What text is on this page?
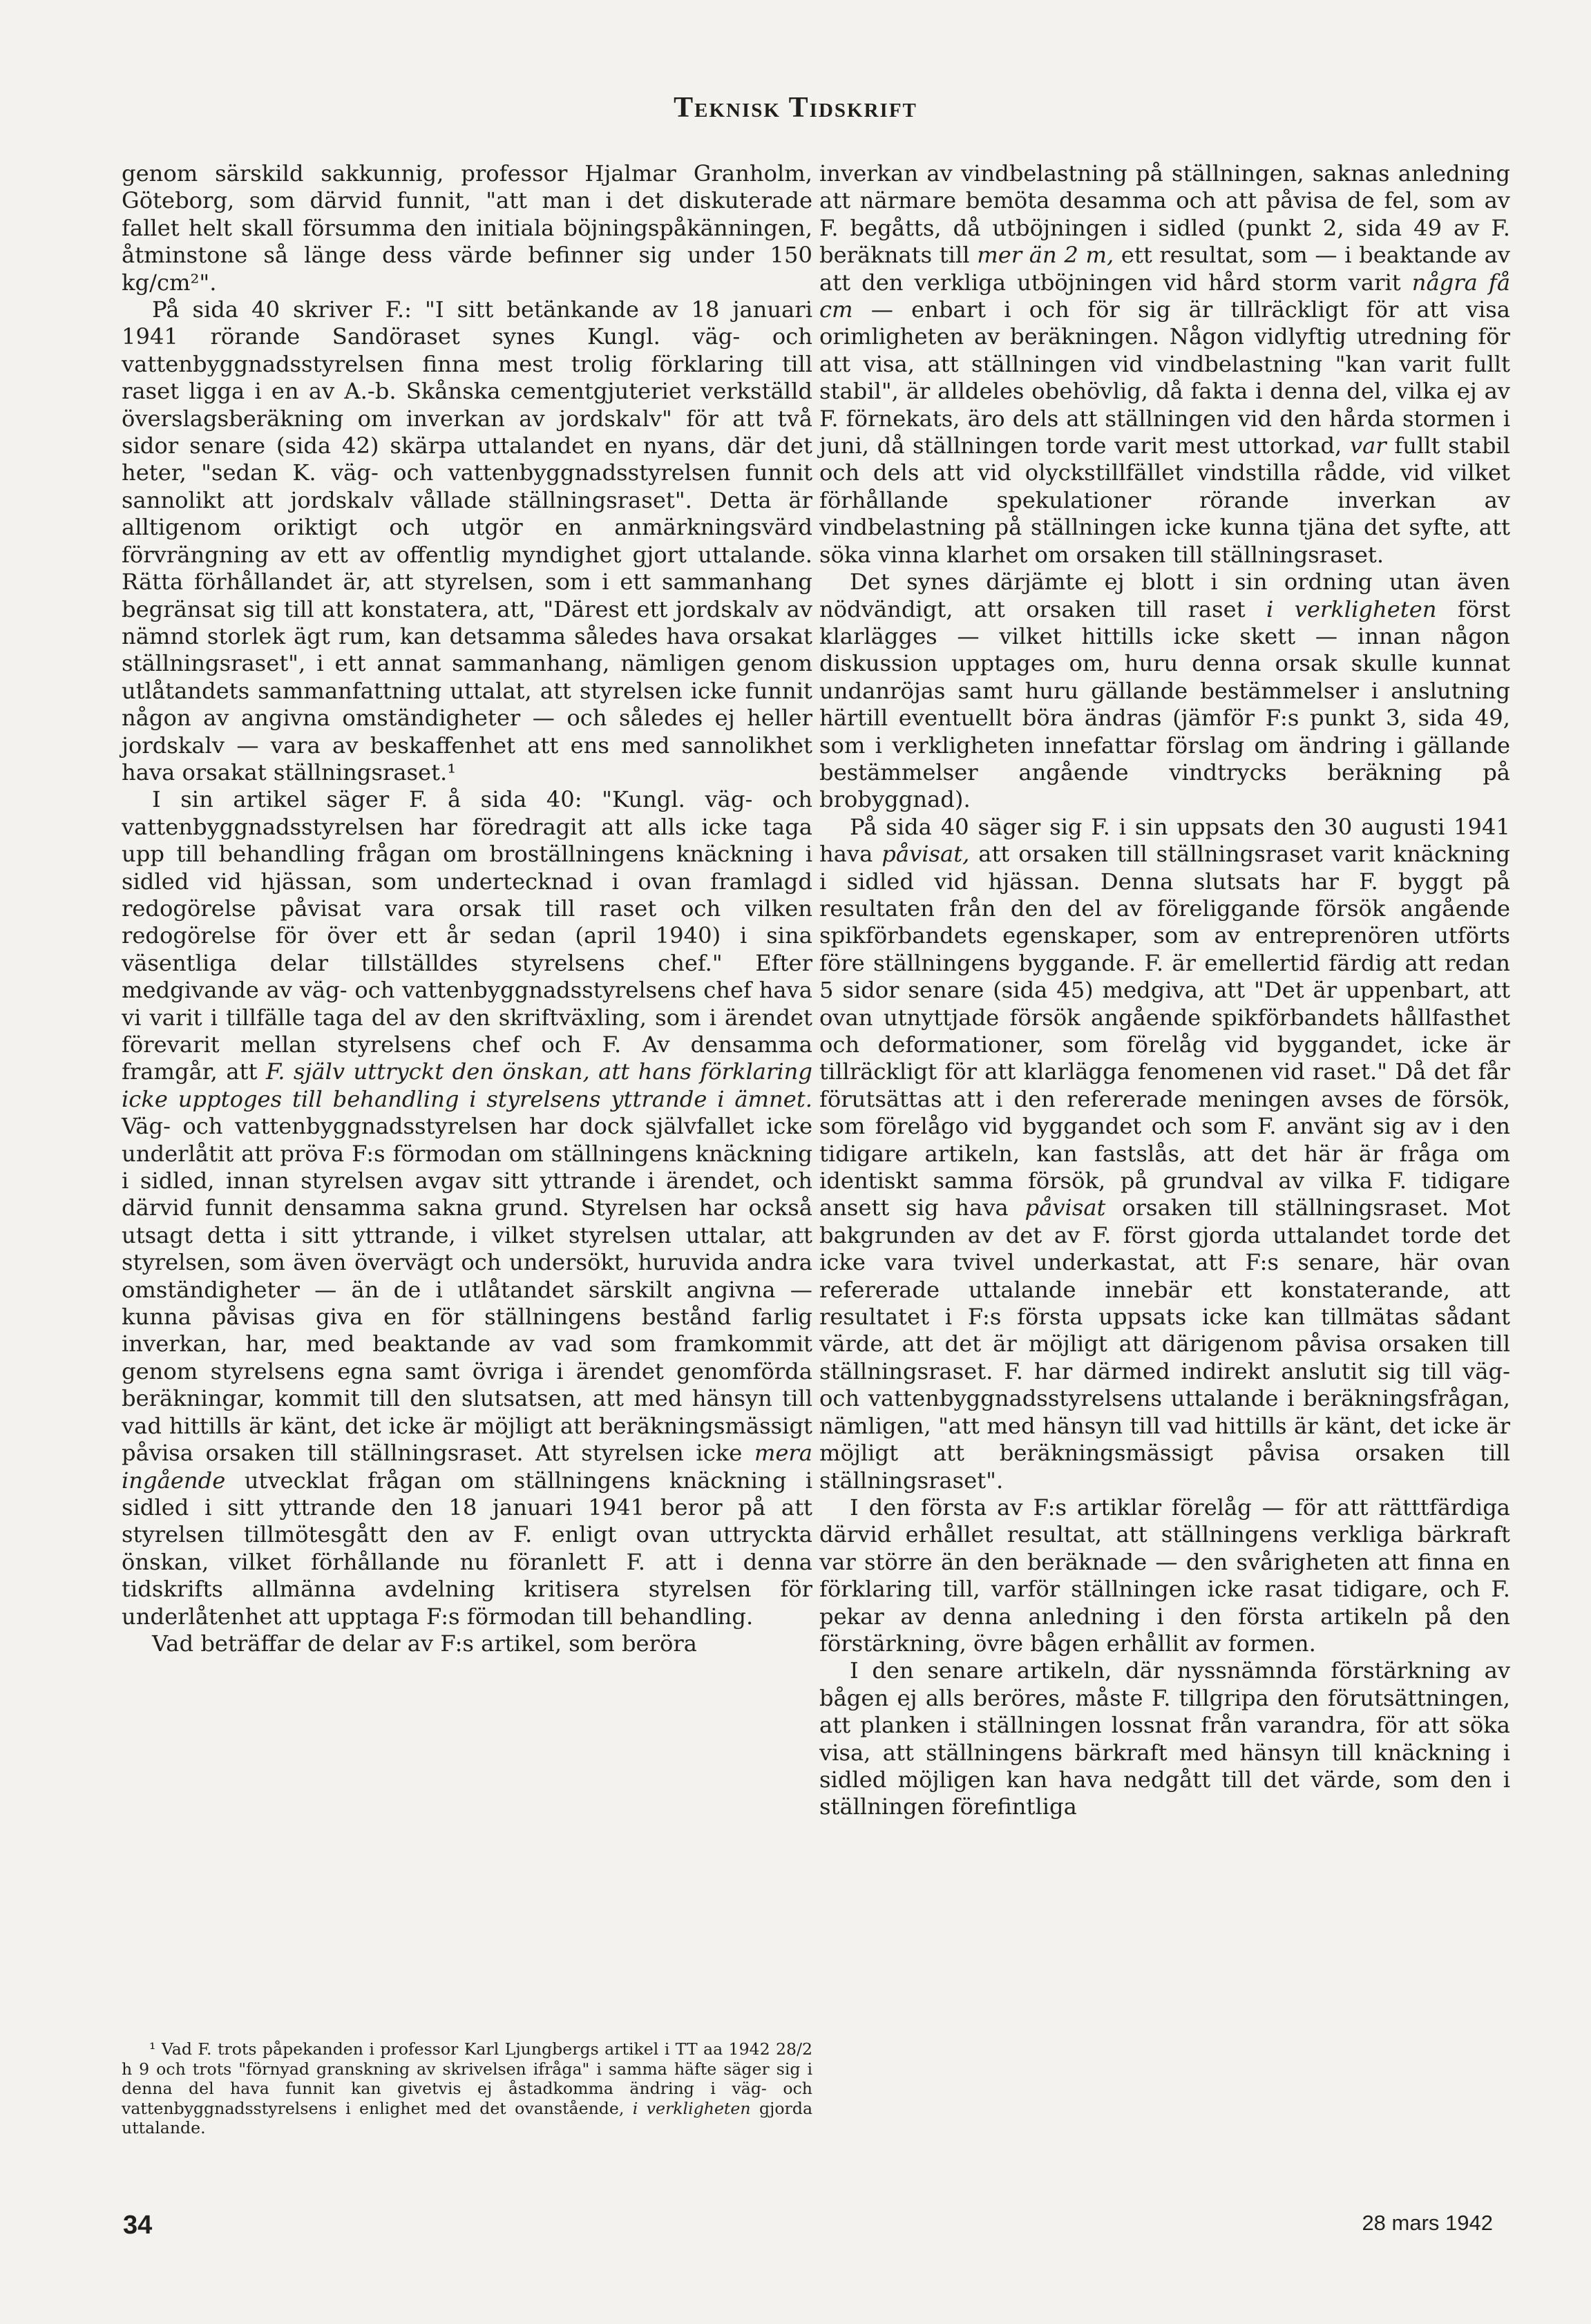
Teknisk Tidskrift

genom särskild sakkunnig, professor Hjalmar Granholm, Göteborg, som därvid funnit, "att man i det diskuterade fallet helt skall försumma den initiala böjningspåkänningen, åtminstone så länge dess värde befinner sig under 150 kg/cm²".

På sida 40 skriver F.: "I sitt betänkande av 18 januari 1941 rörande Sandöraset synes Kungl. väg- och vattenbyggnadsstyrelsen finna mest trolig förklaring till raset ligga i en av A.-b. Skånska cementgjuteriet verkställd överslagsberäkning om inverkan av jordskalv" för att två sidor senare (sida 42) skärpa uttalandet en nyans, där det heter, "sedan K. väg- och vattenbyggnadsstyrelsen funnit sannolikt att jordskalv vållade ställningsraset". Detta är alltigenom oriktigt och utgör en anmärkningsvärd förvrängning av ett av offentlig myndighet gjort uttalande. Rätta förhållandet är, att styrelsen, som i ett sammanhang begränsat sig till att konstatera, att, "Därest ett jordskalv av nämnd storlek ägt rum, kan detsamma således hava orsakat ställningsraset", i ett annat sammanhang, nämligen genom utlåtandets sammanfattning uttalat, att styrelsen icke funnit någon av angivna omständigheter — och således ej heller jordskalv — vara av beskaffenhet att ens med sannolikhet hava orsakat ställningsraset.¹

I sin artikel säger F. å sida 40: "Kungl. väg- och vattenbyggnadsstyrelsen har föredragit att alls icke taga upp till behandling frågan om broställningens knäckning i sidled vid hjässan, som undertecknad i ovan framlagd redogörelse påvisat vara orsak till raset och vilken redogörelse för över ett år sedan (april 1940) i sina väsentliga delar tillställdes styrelsens chef." Efter medgivande av väg- och vattenbyggnadsstyrelsens chef hava vi varit i tillfälle taga del av den skriftväxling, som i ärendet förevarit mellan styrelsens chef och F. Av densamma framgår, att F. själv uttryckt den önskan, att hans förklaring icke upptoges till behandling i styrelsens yttrande i ämnet. Väg- och vattenbyggnadsstyrelsen har dock självfallet icke underlåtit att pröva F:s förmodan om ställningens knäckning i sidled, innan styrelsen avgav sitt yttrande i ärendet, och därvid funnit densamma sakna grund. Styrelsen har också utsagt detta i sitt yttrande, i vilket styrelsen uttalar, att styrelsen, som även övervägt och undersökt, huruvida andra omständigheter — än de i utlåtandet särskilt angivna — kunna påvisas giva en för ställningens bestånd farlig inverkan, har, med beaktande av vad som framkommit genom styrelsens egna samt övriga i ärendet genomförda beräkningar, kommit till den slutsatsen, att med hänsyn till vad hittills är känt, det icke är möjligt att beräkningsmässigt påvisa orsaken till ställningsraset. Att styrelsen icke mera ingående utvecklat frågan om ställningens knäckning i sidled i sitt yttrande den 18 januari 1941 beror på att styrelsen tillmötesgått den av F. enligt ovan uttryckta önskan, vilket förhållande nu föranlett F. att i denna tidskrifts allmänna avdelning kritisera styrelsen för underlåtenhet att upptaga F:s förmodan till behandling.

Vad beträffar de delar av F:s artikel, som beröra

¹ Vad F. trots påpekanden i professor Karl Ljungbergs artikel i TT aa 1942 28/2 h 9 och trots "förnyad granskning av skrivelsen ifråga" i samma häfte säger sig i denna del hava funnit kan givetvis ej åstadkomma ändring i väg- och vattenbyggnadsstyrelsens i enlighet med det ovanstående, i verkligheten gjorda uttalande.

inverkan av vindbelastning på ställningen, saknas anledning att närmare bemöta desamma och att påvisa de fel, som av F. begåtts, då utböjningen i sidled (punkt 2, sida 49 av F. beräknats till mer än 2 m, ett resultat, som — i beaktande av att den verkliga utböjningen vid hård storm varit några få cm — enbart i och för sig är tillräckligt för att visa orimligheten av beräkningen. Någon vidlyftig utredning för att visa, att ställningen vid vindbelastning "kan varit fullt stabil", är alldeles obehövlig, då fakta i denna del, vilka ej av F. förnekats, äro dels att ställningen vid den hårda stormen i juni, då ställningen torde varit mest uttorkad, var fullt stabil och dels att vid olyckstillfället vindstilla rådde, vid vilket förhållande spekulationer rörande inverkan av vindbelastning på ställningen icke kunna tjäna det syfte, att söka vinna klarhet om orsaken till ställningsraset.

Det synes därjämte ej blott i sin ordning utan även nödvändigt, att orsaken till raset i verkligheten först klarlägges — vilket hittills icke skett — innan någon diskussion upptages om, huru denna orsak skulle kunnat undanröjas samt huru gällande bestämmelser i anslutning härtill eventuellt böra ändras (jämför F:s punkt 3, sida 49, som i verkligheten innefattar förslag om ändring i gällande bestämmelser angående vindtrycks beräkning på brobyggnad).

På sida 40 säger sig F. i sin uppsats den 30 augusti 1941 hava påvisat, att orsaken till ställningsraset varit knäckning i sidled vid hjässan. Denna slutsats har F. byggt på resultaten från den del av föreliggande försök angående spikförbandets egenskaper, som av entreprenören utförts före ställningens byggande. F. är emellertid färdig att redan 5 sidor senare (sida 45) medgiva, att "Det är uppenbart, att ovan utnyttjade försök angående spikförbandets hållfasthet och deformationer, som förelåg vid byggandet, icke är tillräckligt för att klarlägga fenomenen vid raset." Då det får förutsättas att i den refererade meningen avses de försök, som förelågo vid byggandet och som F. använt sig av i den tidigare artikeln, kan fastslås, att det här är fråga om identiskt samma försök, på grundval av vilka F. tidigare ansett sig hava påvisat orsaken till ställningsraset. Mot bakgrunden av det av F. först gjorda uttalandet torde det icke vara tvivel underkastat, att F:s senare, här ovan refererade uttalande innebär ett konstaterande, att resultatet i F:s första uppsats icke kan tillmätas sådant värde, att det är möjligt att därigenom påvisa orsaken till ställningsraset. F. har därmed indirekt anslutit sig till väg- och vattenbyggnadsstyrelsens uttalande i beräkningsfrågan, nämligen, "att med hänsyn till vad hittills är känt, det icke är möjligt att beräkningsmässigt påvisa orsaken till ställningsraset".

I den första av F:s artiklar förelåg — för att rätttfärdiga därvid erhållet resultat, att ställningens verkliga bärkraft var större än den beräknade — den svårigheten att finna en förklaring till, varför ställningen icke rasat tidigare, och F. pekar av denna anledning i den första artikeln på den förstärkning, övre bågen erhållit av formen.

I den senare artikeln, där nyssnämnda förstärkning av bågen ej alls beröres, måste F. tillgripa den förutsättningen, att planken i ställningen lossnat från varandra, för att söka visa, att ställningens bärkraft med hänsyn till knäckning i sidled möjligen kan hava nedgått till det värde, som den i ställningen förefintliga

34	28 mars 1942
